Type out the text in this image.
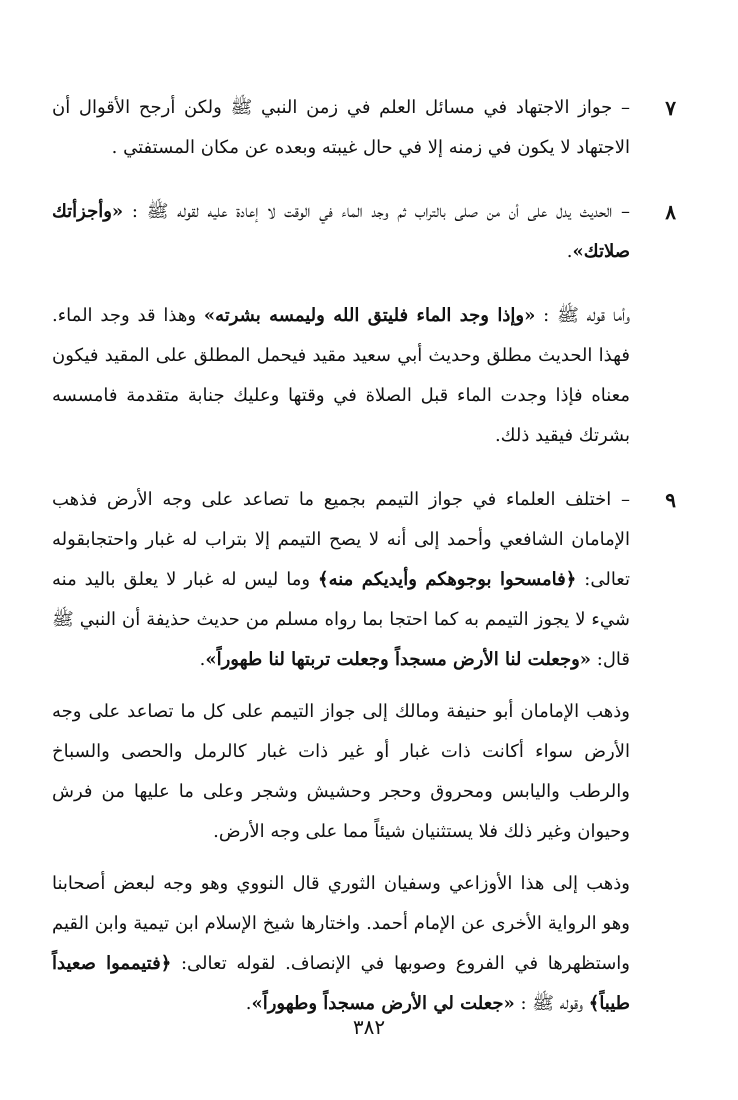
٧

– جواز الاجتهاد في مسائل العلم في زمن النبي ﷺ ولكن أرجح الأقوال أن الاجتهاد لا يكون في زمنه إلا في حال غيبته وبعده عن مكان المستفتي .

٨

– الحديث يدل على أن من صلى بالتراب ثم وجد الماء في الوقت لا إعادة عليه لقوله ﷺ : «وأجزأتك صلاتك».

وأما قوله ﷺ : «وإذا وجد الماء فليتق الله وليمسه بشرته» وهذا قد وجد الماء. فهذا الحديث مطلق وحديث أبي سعيد مقيد فيحمل المطلق على المقيد فيكون معناه فإذا وجدت الماء قبل الصلاة في وقتها وعليك جنابة متقدمة فامسسه بشرتك فيقيد ذلك.

٩

– اختلف العلماء في جواز التيمم بجميع ما تصاعد على وجه الأرض فذهب الإمامان الشافعي وأحمد إلى أنه لا يصح التيمم إلا بتراب له غبار واحتجابقوله تعالى: ﴿فامسحوا بوجوهكم وأيديكم منه﴾ وما ليس له غبار لا يعلق باليد منه شيء لا يجوز التيمم به كما احتجا بما رواه مسلم من حديث حذيفة أن النبي ﷺ قال: «وجعلت لنا الأرض مسجداً وجعلت تربتها لنا طهوراً».

وذهب الإمامان أبو حنيفة ومالك إلى جواز التيمم على كل ما تصاعد على وجه الأرض سواء أكانت ذات غبار أو غير ذات غبار كالرمل والحصى والسباخ والرطب واليابس ومحروق وحجر وحشيش وشجر وعلى ما عليها من فرش وحيوان وغير ذلك فلا يستثنيان شيئاً مما على وجه الأرض.

وذهب إلى هذا الأوزاعي وسفيان الثوري قال النووي وهو وجه لبعض أصحابنا وهو الرواية الأخرى عن الإمام أحمد. واختارها شيخ الإسلام ابن تيمية وابن القيم واستظهرها في الفروع وصوبها في الإنصاف. لقوله تعالى: ﴿فتيمموا صعيداً طيباً﴾ وقوله ﷺ : «جعلت لي الأرض مسجداً وطهوراً».

٣٨٢
